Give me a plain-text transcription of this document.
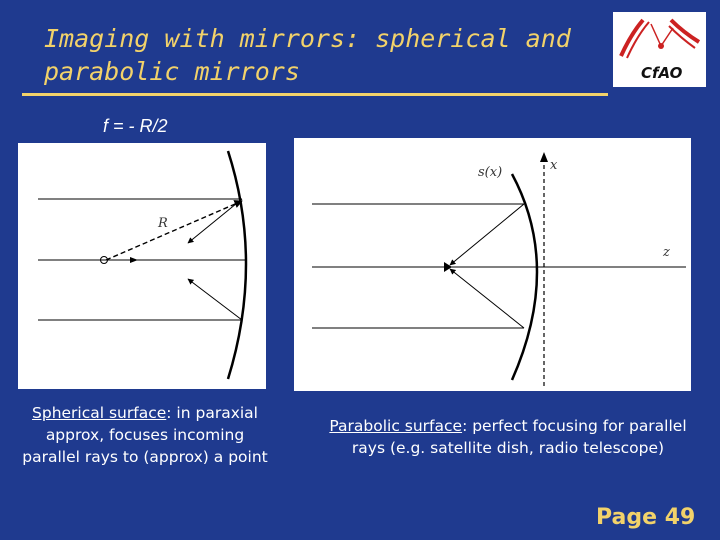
Imaging with mirrors: spherical and
parabolic mirrors	CfAO
f = - R/2
R
x
z
s(x)
Spherical surface: in paraxial approx, focuses incoming parallel rays to (approx) a point
Parabolic surface: perfect focusing for parallel rays (e.g. satellite dish, radio telescope)
Page 49
